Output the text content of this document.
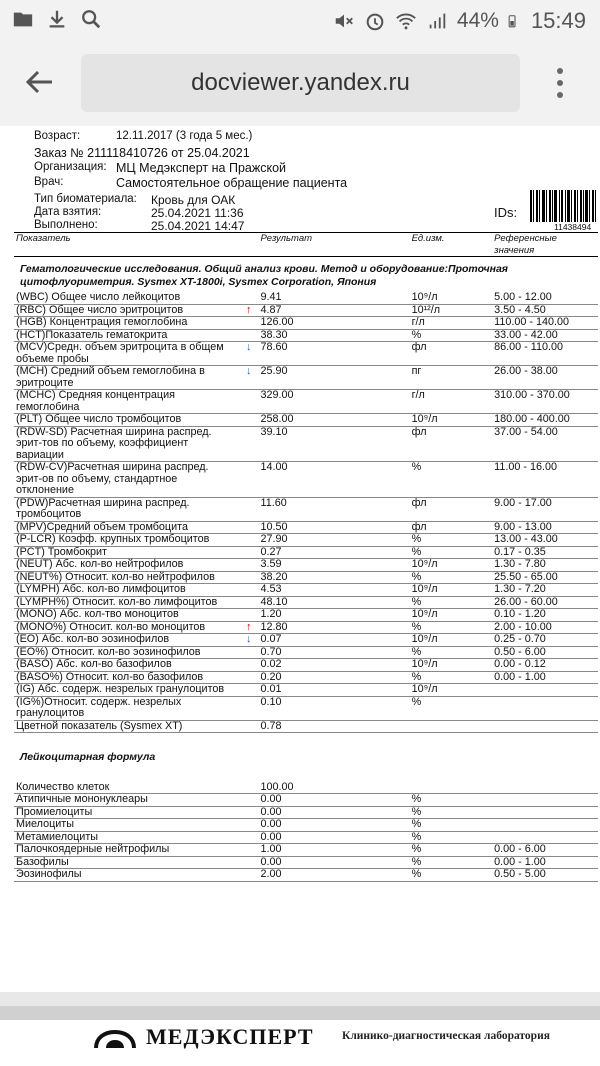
44% 15:49
docviewer.yandex.ru
Возраст:	12.11.2017 (3 года 5 мес.)
Заказ № 211118410726 от 25.04.2021
Организация: МЦ Медэксперт на Пражской
Врач:	Самостоятельное обращение пациента
Тип биоматериала: Кровь для ОАК
Дата взятия:	25.04.2021 11:36
Выполнено:	25.04.2021 14:47
IDs:
11438494
Показатель		Результат	Ед.изм.	Референсные значения
Гематологические исследования. Общий анализ крови. Метод и оборудование:Проточная цитофлуориметрия. Sysmex XT-1800i, Sysmex Corporation, Япония				
(WBC) Общее число лейкоцитов		9.41	10⁹/л	5.00 - 12.00
(RBC) Общее число эритроцитов	↑	4.87	10¹²/л	3.50 - 4.50
(HGB) Концентрация гемоглобина		126.00	г/л	110.00 - 140.00
(HCT)Показатель гематокрита		38.30	%	33.00 - 42.00
(MCV)Средн. объем эритроцита в общем объеме пробы	↓	78.60	фл	86.00 - 110.00
(MCH) Средний объем гемоглобина в эритроците	↓	25.90	пг	26.00 - 38.00
(MCHC) Средняя концентрация гемоглобина		329.00	г/л	310.00 - 370.00
(PLT) Общее число тромбоцитов		258.00	10⁹/л	180.00 - 400.00
(RDW-SD) Расчетная ширина распред. эрит-тов по объему, коэффициент вариации		39.10	фл	37.00 - 54.00
(RDW-CV)Расчетная ширина распред. эрит-ов по объему, стандартное отклонение		14.00	%	11.00 - 16.00
(PDW)Расчетная ширина распред. тромбоцитов		11.60	фл	9.00 - 17.00
(MPV)Средний объем тромбоцита		10.50	фл	9.00 - 13.00
(P-LCR) Коэфф. крупных тромбоцитов		27.90	%	13.00 - 43.00
(PCT) Тромбокрит		0.27	%	0.17 - 0.35
(NEUT) Абс. кол-во нейтрофилов		3.59	10⁹/л	1.30 - 7.80
(NEUT%) Относит. кол-во нейтрофилов		38.20	%	25.50 - 65.00
(LYMPH) Абс. кол-во лимфоцитов		4.53	10⁹/л	1.30 - 7.20
(LYMPH%) Относит. кол-во лимфоцитов		48.10	%	26.00 - 60.00
(MONO) Абс. кол-тво моноцитов		1.20	10⁹/л	0.10 - 1.20
(MONO%) Относит. кол-во моноцитов	↑	12.80	%	2.00 - 10.00
(EO) Абс. кол-во эозинофилов	↓	0.07	10⁹/л	0.25 - 0.70
(EO%) Относит. кол-во эозинофилов		0.70	%	0.50 - 6.00
(BASO) Абс. кол-во базофилов		0.02	10⁹/л	0.00 - 0.12
(BASO%) Относит. кол-во базофилов		0.20	%	0.00 - 1.00
(IG) Абс. содерж. незрелых гранулоцитов		0.01	10⁹/л	
(IG%)Относит. содерж. незрелых гранулоцитов		0.10	%	
Цветной показатель (Sysmex XT)		0.78		
Лейкоцитарная формула				
Количество клеток		100.00		
Атипичные мононуклеары		0.00	%	
Промиелоциты		0.00	%	
Миелоциты		0.00	%	
Метамиелоциты		0.00	%	
Палочкоядерные нейтрофилы		1.00	%	0.00 - 6.00
Базофилы		0.00	%	0.00 - 1.00
Эозинофилы		2.00	%	0.50 - 5.00
МЕДЭКСПЕРТ Клинико-диагностическая лаборатория
